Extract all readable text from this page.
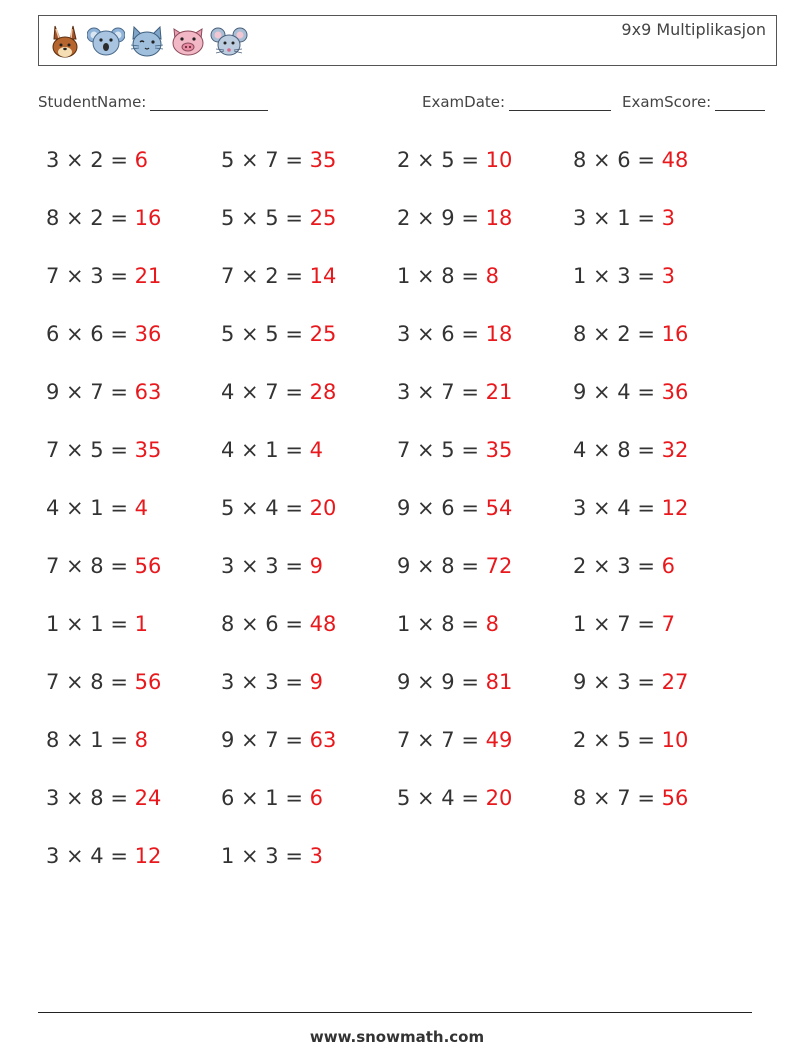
9x9 Multiplikasjon
StudentName:	ExamDate:	ExamScore:
3 × 2 = 6
8 × 2 = 16
7 × 3 = 21
6 × 6 = 36
9 × 7 = 63
7 × 5 = 35
4 × 1 = 4
7 × 8 = 56
1 × 1 = 1
7 × 8 = 56
8 × 1 = 8
3 × 8 = 24
3 × 4 = 12
5 × 7 = 35
5 × 5 = 25
7 × 2 = 14
5 × 5 = 25
4 × 7 = 28
4 × 1 = 4
5 × 4 = 20
3 × 3 = 9
8 × 6 = 48
3 × 3 = 9
9 × 7 = 63
6 × 1 = 6
1 × 3 = 3
2 × 5 = 10
2 × 9 = 18
1 × 8 = 8
3 × 6 = 18
3 × 7 = 21
7 × 5 = 35
9 × 6 = 54
9 × 8 = 72
1 × 8 = 8
9 × 9 = 81
7 × 7 = 49
5 × 4 = 20
8 × 6 = 48
3 × 1 = 3
1 × 3 = 3
8 × 2 = 16
9 × 4 = 36
4 × 8 = 32
3 × 4 = 12
2 × 3 = 6
1 × 7 = 7
9 × 3 = 27
2 × 5 = 10
8 × 7 = 56
www.snowmath.com
